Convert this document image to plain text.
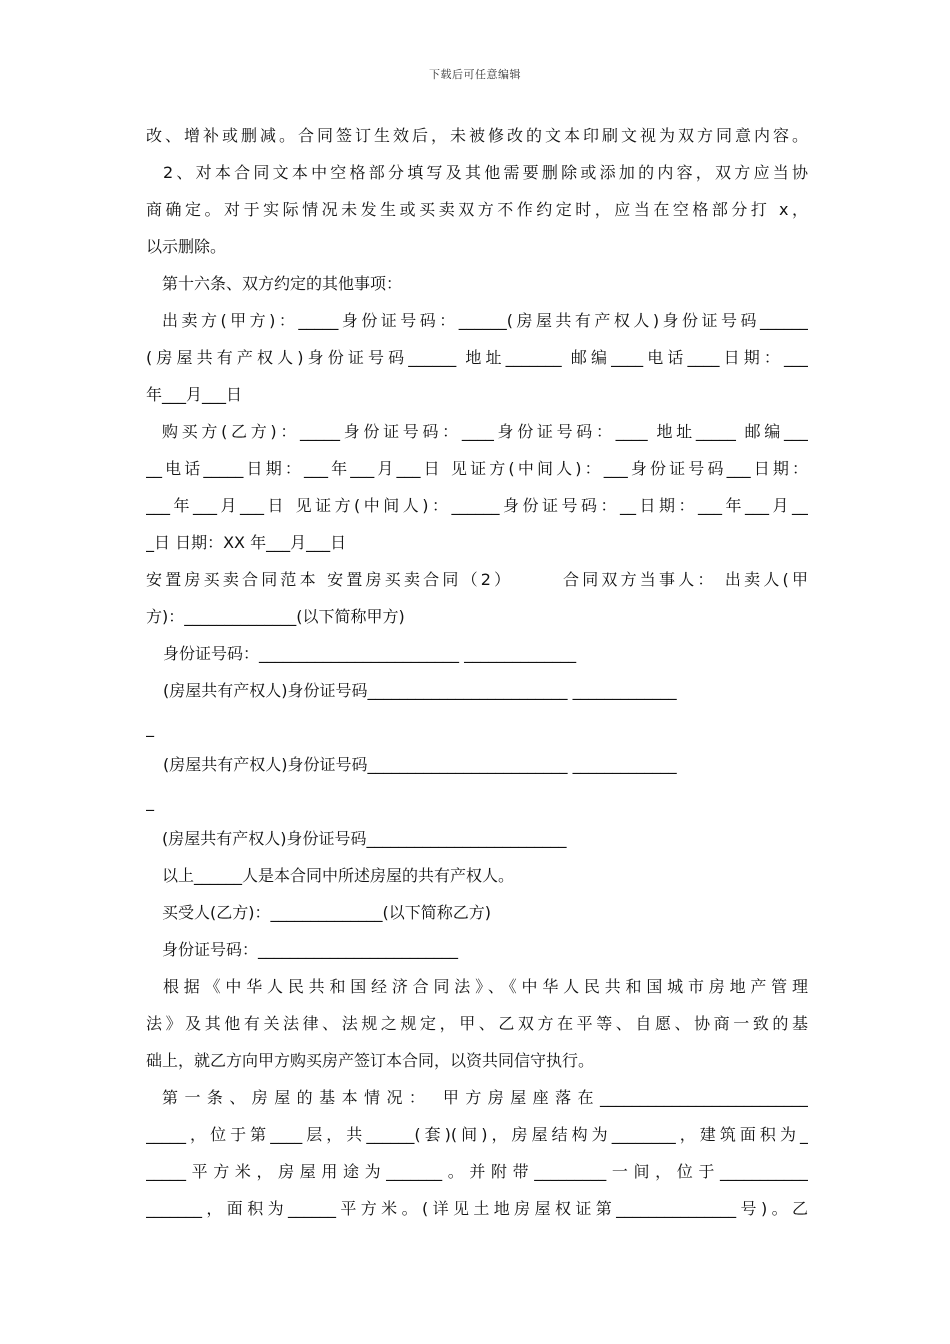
下载后可任意编辑
改、增补或删减。合同签订生效后，未被修改的文本印刷文视为双方同意内容。
2、对本合同文本中空格部分填写及其他需要删除或添加的内容，双方应当协
商确定。对于实际情况未发生或买卖双方不作约定时，应当在空格部分打 x，
以示删除。
第十六条、双方约定的其他事项：
出卖方(甲方)：_____身份证号码：______(房屋共有产权人)身份证号码______
(房屋共有产权人)身份证号码______ 地址_______ 邮编____电话____日期：___
年___月___日
购买方(乙方)：_____身份证号码：____身份证号码：____ 地址_____ 邮编___
__电话_____日期：___年___月___日 见证方(中间人)：___身份证号码___日期：
___年___月___日 见证方(中间人)：______身份证号码：__日期：___年___月__
_日 日期：XX 年___月___日
安置房买卖合同范本 安置房买卖合同（2）　　　合同双方当事人： 出卖人(甲
方)：______________(以下简称甲方)
身份证号码：_________________________ ______________
(房屋共有产权人)身份证号码_________________________ _____________
_
(房屋共有产权人)身份证号码_________________________ _____________
_
(房屋共有产权人)身份证号码_________________________
以上______人是本合同中所述房屋的共有产权人。
买受人(乙方)：______________(以下简称乙方)
身份证号码：_________________________
根据《中华人民共和国经济合同法》、《中华人民共和国城市房地产管理
法》及其他有关法律、法规之规定，甲、乙双方在平等、自愿、协商一致的基
础上，就乙方向甲方购买房产签订本合同，以资共同信守执行。
第一条、房屋的基本情况： 甲方房屋座落在__________________________
_____，位于第____层，共______(套)(间)，房屋结构为________，建筑面积为_
_____平方米，房屋用途为_______。并附带_________一间，位于___________
_______，面积为______平方米。(详见土地房屋权证第_______________号)。乙
